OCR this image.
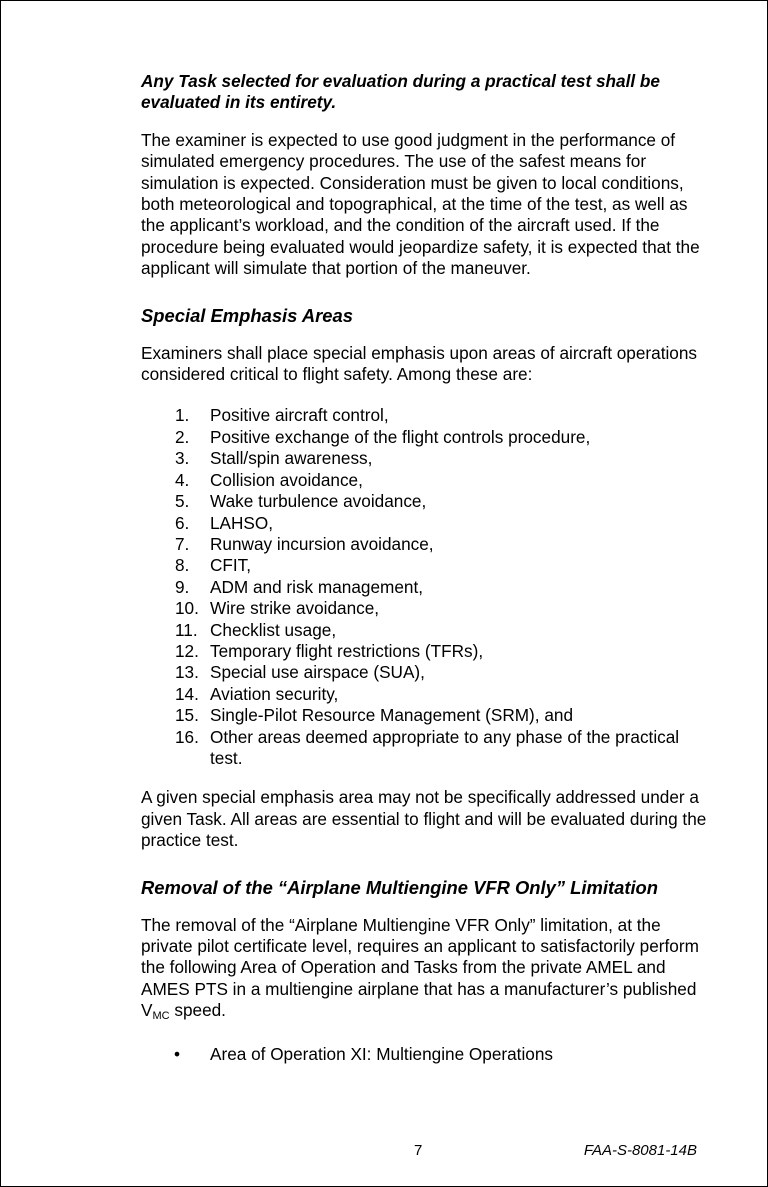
Any Task selected for evaluation during a practical test shall be evaluated in its entirety.

The examiner is expected to use good judgment in the performance of simulated emergency procedures. The use of the safest means for simulation is expected. Consideration must be given to local conditions, both meteorological and topographical, at the time of the test, as well as the applicant’s workload, and the condition of the aircraft used. If the procedure being evaluated would jeopardize safety, it is expected that the applicant will simulate that portion of the maneuver.

Special Emphasis Areas

Examiners shall place special emphasis upon areas of aircraft operations considered critical to flight safety. Among these are:

1. Positive aircraft control,
2. Positive exchange of the flight controls procedure,
3. Stall/spin awareness,
4. Collision avoidance,
5. Wake turbulence avoidance,
6. LAHSO,
7. Runway incursion avoidance,
8. CFIT,
9. ADM and risk management,
10. Wire strike avoidance,
11. Checklist usage,
12. Temporary flight restrictions (TFRs),
13. Special use airspace (SUA),
14. Aviation security,
15. Single-Pilot Resource Management (SRM), and
16. Other areas deemed appropriate to any phase of the practical test.

A given special emphasis area may not be specifically addressed under a given Task. All areas are essential to flight and will be evaluated during the practice test.

Removal of the “Airplane Multiengine VFR Only” Limitation

The removal of the “Airplane Multiengine VFR Only” limitation, at the private pilot certificate level, requires an applicant to satisfactorily perform the following Area of Operation and Tasks from the private AMEL and AMES PTS in a multiengine airplane that has a manufacturer’s published $V_{MC}$ speed.

• Area of Operation XI: Multiengine Operations
7	FAA-S-8081-14B
